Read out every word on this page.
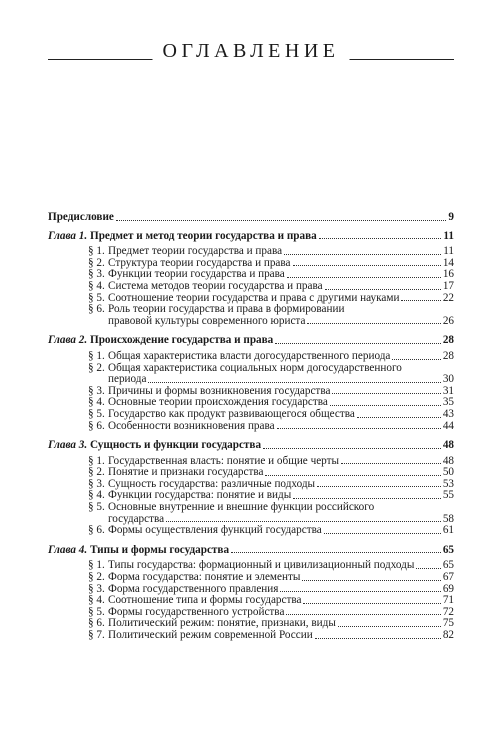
ОГЛАВЛЕНИЕ
Предисловие	9
Глава 1. Предмет и метод теории государства и права	11
§ 1. Предмет теории государства и права	11
§ 2. Структура теории государства и права	14
§ 3. Функции теории государства и права	16
§ 4. Система методов теории государства и права	17
§ 5. Соотношение теории государства и права с другими науками	22
§ 6. Роль теории государства и права в формировании
правовой культуры современного юриста	26
Глава 2. Происхождение государства и права	28
§ 1. Общая характеристика власти догосударственного периода	28
§ 2. Общая характеристика социальных норм догосударственного
периода	30
§ 3. Причины и формы возникновения государства	31
§ 4. Основные теории происхождения государства	35
§ 5. Государство как продукт развивающегося общества	43
§ 6. Особенности возникновения права	44
Глава 3. Сущность и функции государства	48
§ 1. Государственная власть: понятие и общие черты	48
§ 2. Понятие и признаки государства	50
§ 3. Сущность государства: различные подходы	53
§ 4. Функции государства: понятие и виды	55
§ 5. Основные внутренние и внешние функции российского
государства	58
§ 6. Формы осуществления функций государства	61
Глава 4. Типы и формы государства	65
§ 1. Типы государства: формационный и цивилизационный подходы	65
§ 2. Форма государства: понятие и элементы	67
§ 3. Форма государственного правления	69
§ 4. Соотношение типа и формы государства	71
§ 5. Формы государственного устройства	72
§ 6. Политический режим: понятие, признаки, виды	75
§ 7. Политический режим современной России	82
